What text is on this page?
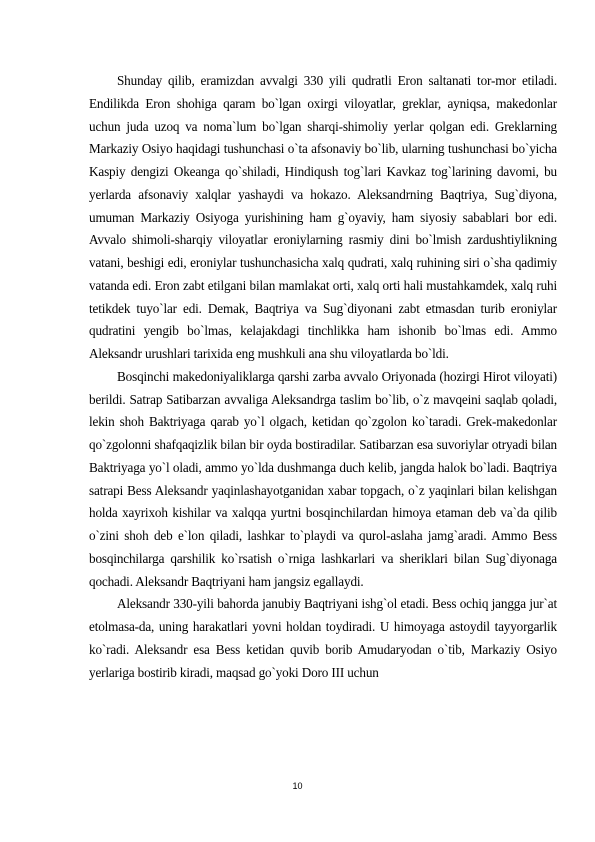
Shunday qilib, eramizdan avvalgi 330 yili qudratli Eron saltanati tor-mor etiladi. Endilikda Eron shohiga qaram bo`lgan oxirgi viloyatlar, greklar, ayniqsa, makedonlar uchun juda uzoq va noma`lum bo`lgan sharqi-shimoliy yerlar qolgan edi. Greklarning Markaziy Osiyo haqidagi tushunchasi o`ta afsonaviy bo`lib, ularning tushunchasi bo`yicha Kaspiy dengizi Okeanga qo`shiladi, Hindiqush tog`lari Kavkaz tog`larining davomi, bu yerlarda afsonaviy xalqlar yashaydi va hokazo. Aleksandrning Baqtriya, Sug`diyona, umuman Markaziy Osiyoga yurishining ham g`oyaviy, ham siyosiy sabablari bor edi. Avvalo shimoli-sharqiy viloyatlar eroniylarning rasmiy dini bo`lmish zardushtiylikning vatani, beshigi edi, eroniylar tushunchasicha xalq qudrati, xalq ruhining siri o`sha qadimiy vatanda edi. Eron zabt etilgani bilan mamlakat orti, xalq orti hali mustahkamdek, xalq ruhi tetikdek tuyo`lar edi. Demak, Baqtriya va Sug`diyonani zabt etmasdan turib eroniylar qudratini yengib bo`lmas, kelajakdagi tinchlikka ham ishonib bo`lmas edi. Ammo Aleksandr urushlari tarixida eng mushkuli ana shu viloyatlarda bo`ldi.

Bosqinchi makedoniyaliklarga qarshi zarba avvalo Oriyonada (hozirgi Hirot viloyati) berildi. Satrap Satibarzan avvaliga Aleksandrga taslim bo`lib, o`z mavqeini saqlab qoladi, lekin shoh Baktriyaga qarab yo`l olgach, ketidan qo`zgolon ko`taradi. Grek-makedonlar qo`zgolonni shafqaqizlik bilan bir oyda bostiradilar. Satibarzan esa suvoriylar otryadi bilan Baktriyaga yo`l oladi, ammo yo`lda dushmanga duch kelib, jangda halok bo`ladi. Baqtriya satrapi Bess Aleksandr yaqinlashayotganidan xabar topgach, o`z yaqinlari bilan kelishgan holda xayrixoh kishilar va xalqqa yurtni bosqinchilardan himoya etaman deb va`da qilib o`zini shoh deb e`lon qiladi, lashkar to`playdi va qurol-aslaha jamg`aradi. Ammo Bess bosqinchilarga qarshilik ko`rsatish o`rniga lashkarlari va sheriklari bilan Sug`diyonaga qochadi. Aleksandr Baqtriyani ham jangsiz egallaydi.

Aleksandr 330-yili bahorda janubiy Baqtriyani ishg`ol etadi. Bess ochiq jangga jur`at etolmasa-da, uning harakatlari yovni holdan toydiradi. U himoyaga astoydil tayyorgarlik ko`radi. Aleksandr esa Bess ketidan quvib borib Amudaryodan o`tib, Markaziy Osiyo yerlariga bostirib kiradi, maqsad go`yoki Doro III uchun

10
